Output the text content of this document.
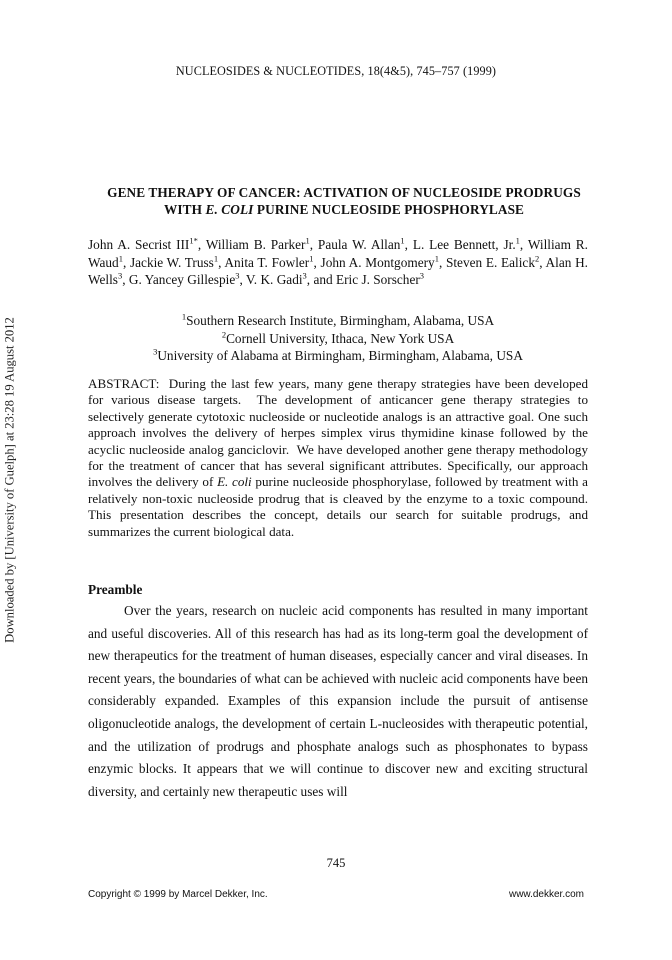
NUCLEOSIDES & NUCLEOTIDES, 18(4&5), 745–757 (1999)
Downloaded by [University of Guelph] at 23:28 19 August 2012
GENE THERAPY OF CANCER: ACTIVATION OF NUCLEOSIDE PRODRUGS
WITH E. COLI PURINE NUCLEOSIDE PHOSPHORYLASE
John A. Secrist $III^{1*}$, William B. Parker$^1$, Paula W. Allan$^1$, L. Lee Bennett, Jr.$^1$, William R. Waud$^1$, Jackie W. Truss$^1$, Anita T. Fowler$^1$, John A. Montgomery$^1$, Steven E. Ealick$^2$, Alan H. Wells$^3$, G. Yancey Gillespie$^3$, V. K. Gadi$^3$, and Eric J. Sorscher$^3$
$^1$Southern Research Institute, Birmingham, Alabama, USA
$^2$Cornell University, Ithaca, New York USA
$^3$University of Alabama at Birmingham, Birmingham, Alabama, USA
ABSTRACT:  During the last few years, many gene therapy strategies have been developed for various disease targets.  The development of anticancer gene therapy strategies to selectively generate cytotoxic nucleoside or nucleotide analogs is an attractive goal. One such approach involves the delivery of herpes simplex virus thymidine kinase followed by the acyclic nucleoside analog ganciclovir.  We have developed another gene therapy methodology for the treatment of cancer that has several significant attributes. Specifically, our approach involves the delivery of E. coli purine nucleoside phosphorylase, followed by treatment with a relatively non-toxic nucleoside prodrug that is cleaved by the enzyme to a toxic compound. This presentation describes the concept, details our search for suitable prodrugs, and summarizes the current biological data.
Preamble

Over the years, research on nucleic acid components has resulted in many important and useful discoveries. All of this research has had as its long-term goal the development of new therapeutics for the treatment of human diseases, especially cancer and viral diseases. In recent years, the boundaries of what can be achieved with nucleic acid components have been considerably expanded. Examples of this expansion include the pursuit of antisense oligonucleotide analogs, the development of certain L-nucleosides with therapeutic potential, and the utilization of prodrugs and phosphate analogs such as phosphonates to bypass enzymic blocks. It appears that we will continue to discover new and exciting structural diversity, and certainly new therapeutic uses will

745
Copyright © 1999 by Marcel Dekker, Inc.	www.dekker.com
